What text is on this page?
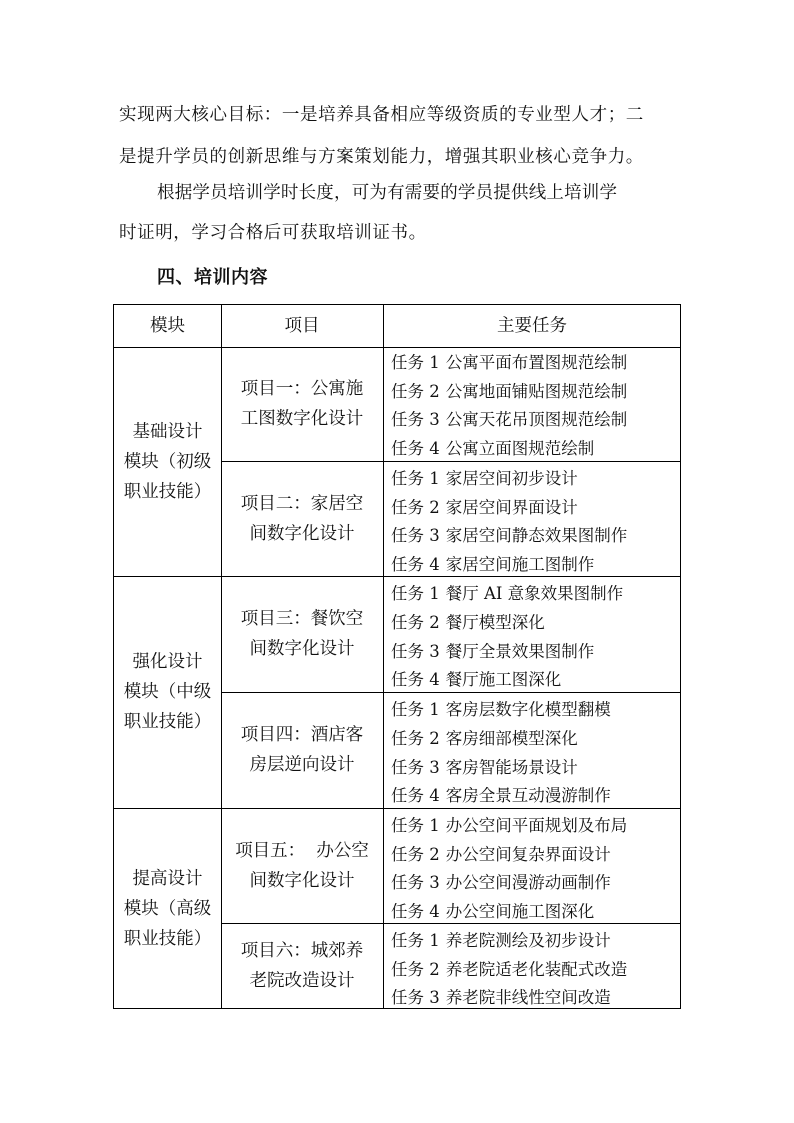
实现两大核心目标：一是培养具备相应等级资质的专业型人才；二
是提升学员的创新思维与方案策划能力，增强其职业核心竞争力。
根据学员培训学时长度，可为有需要的学员提供线上培训学
时证明，学习合格后可获取培训证书。
四、培训内容
模块	项目	主要任务
基础设计
模块（初级
职业技能）
项目一：公寓施
工图数字化设计
任务 1 公寓平面布置图规范绘制
任务 2 公寓地面铺贴图规范绘制
任务 3 公寓天花吊顶图规范绘制
任务 4 公寓立面图规范绘制
项目二：家居空
间数字化设计
任务 1 家居空间初步设计
任务 2 家居空间界面设计
任务 3 家居空间静态效果图制作
任务 4 家居空间施工图制作
强化设计
模块（中级
职业技能）
项目三：餐饮空
间数字化设计
任务 1 餐厅 AI 意象效果图制作
任务 2 餐厅模型深化
任务 3 餐厅全景效果图制作
任务 4 餐厅施工图深化
项目四：酒店客
房层逆向设计
任务 1 客房层数字化模型翻模
任务 2 客房细部模型深化
任务 3 客房智能场景设计
任务 4 客房全景互动漫游制作
提高设计
模块（高级
职业技能）
项目五：  办公空
间数字化设计
任务 1 办公空间平面规划及布局
任务 2 办公空间复杂界面设计
任务 3 办公空间漫游动画制作
任务 4 办公空间施工图深化
项目六：城郊养
老院改造设计
任务 1 养老院测绘及初步设计
任务 2 养老院适老化装配式改造
任务 3 养老院非线性空间改造
